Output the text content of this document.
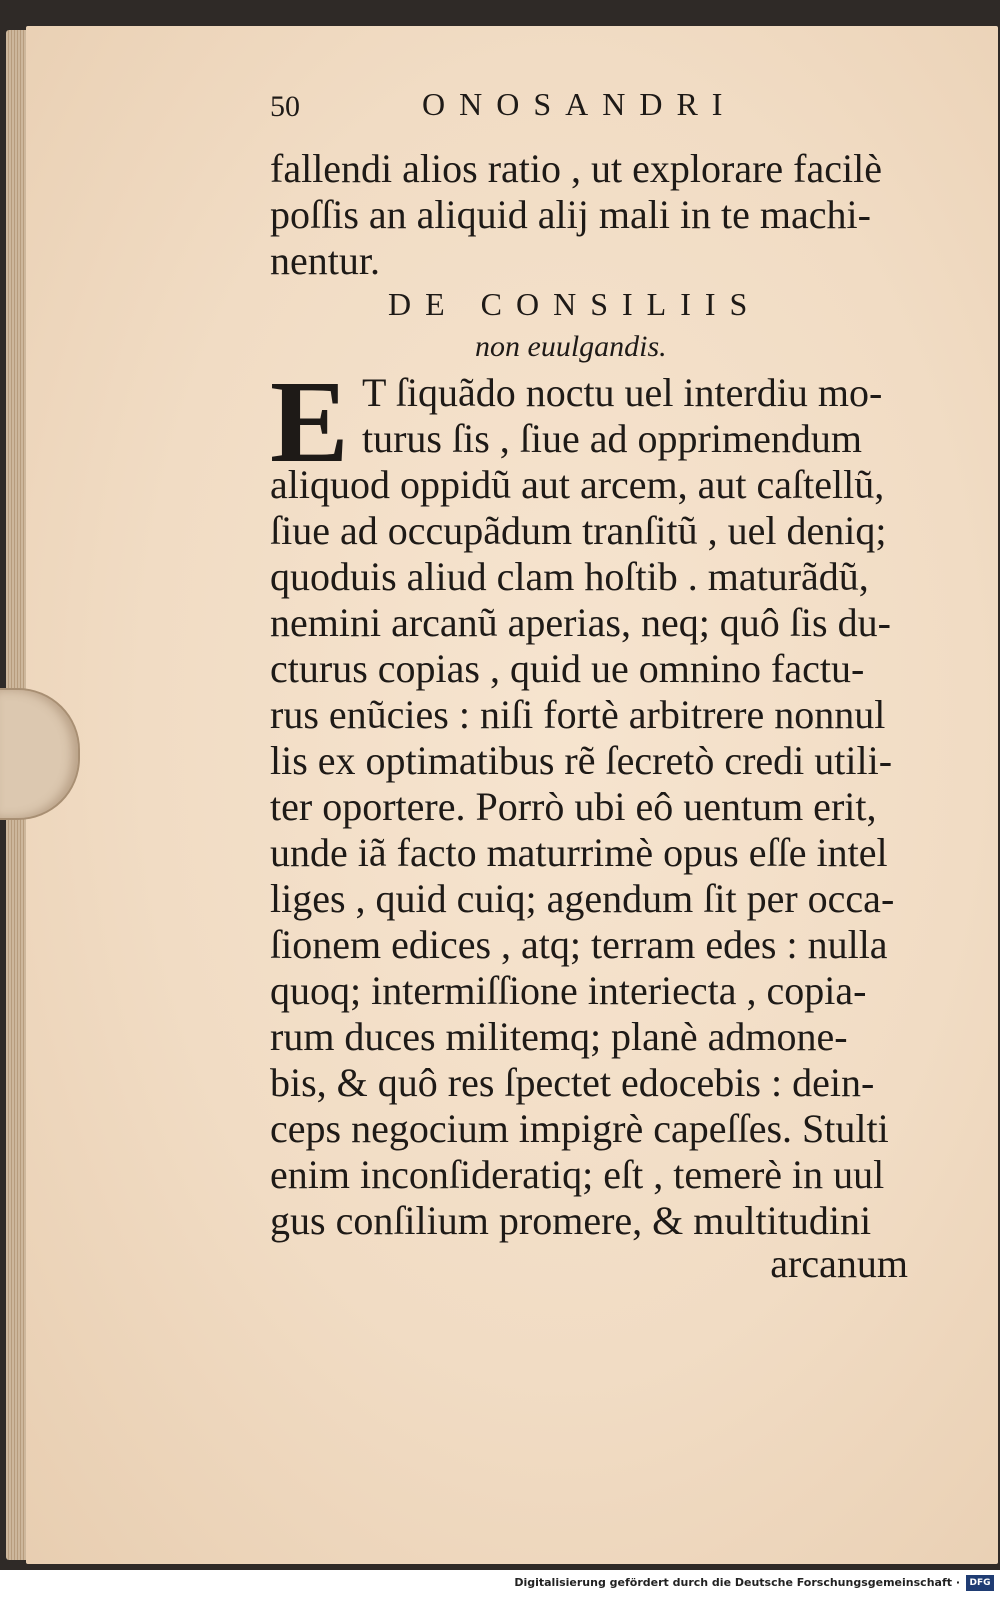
50	ONOSANDRI
fallendi alios ratio , ut explorare facilè
poſſis an aliquid alij mali in te machi-
nentur.
DE CONSILIIS
non euulgandis.
E T ſiquãdo noctu uel interdiu mo-
turus ſis , ſiue ad opprimendum
aliquod oppidũ aut arcem, aut caſtellũ,
ſiue ad occupãdum tranſitũ , uel deniq;
quoduis aliud clam hoſtib . maturãdũ,
nemini arcanũ aperias, neq; quô ſis du-
cturus copias , quid ue omnino factu-
rus enũcies : niſi fortè arbitrere nonnul
lis ex optimatibus rẽ ſecretò credi utili-
ter oportere. Porrò ubi eô uentum erit,
unde iã facto maturrimè opus eſſe intel
liges , quid cuiq; agendum ſit per occa-
ſionem edices , atq; terram edes : nulla
quoq; intermiſſione interiecta , copia-
rum duces militemq; planè admone-
bis, & quô res ſpectet edocebis : dein-
ceps negocium impigrè capeſſes. Stulti
enim inconſideratiq; eſt , temerè in uul
gus conſilium promere, & multitudini
arcanum
Digitalisierung gefördert durch die Deutsche Forschungsgemeinschaft ·	DFG
